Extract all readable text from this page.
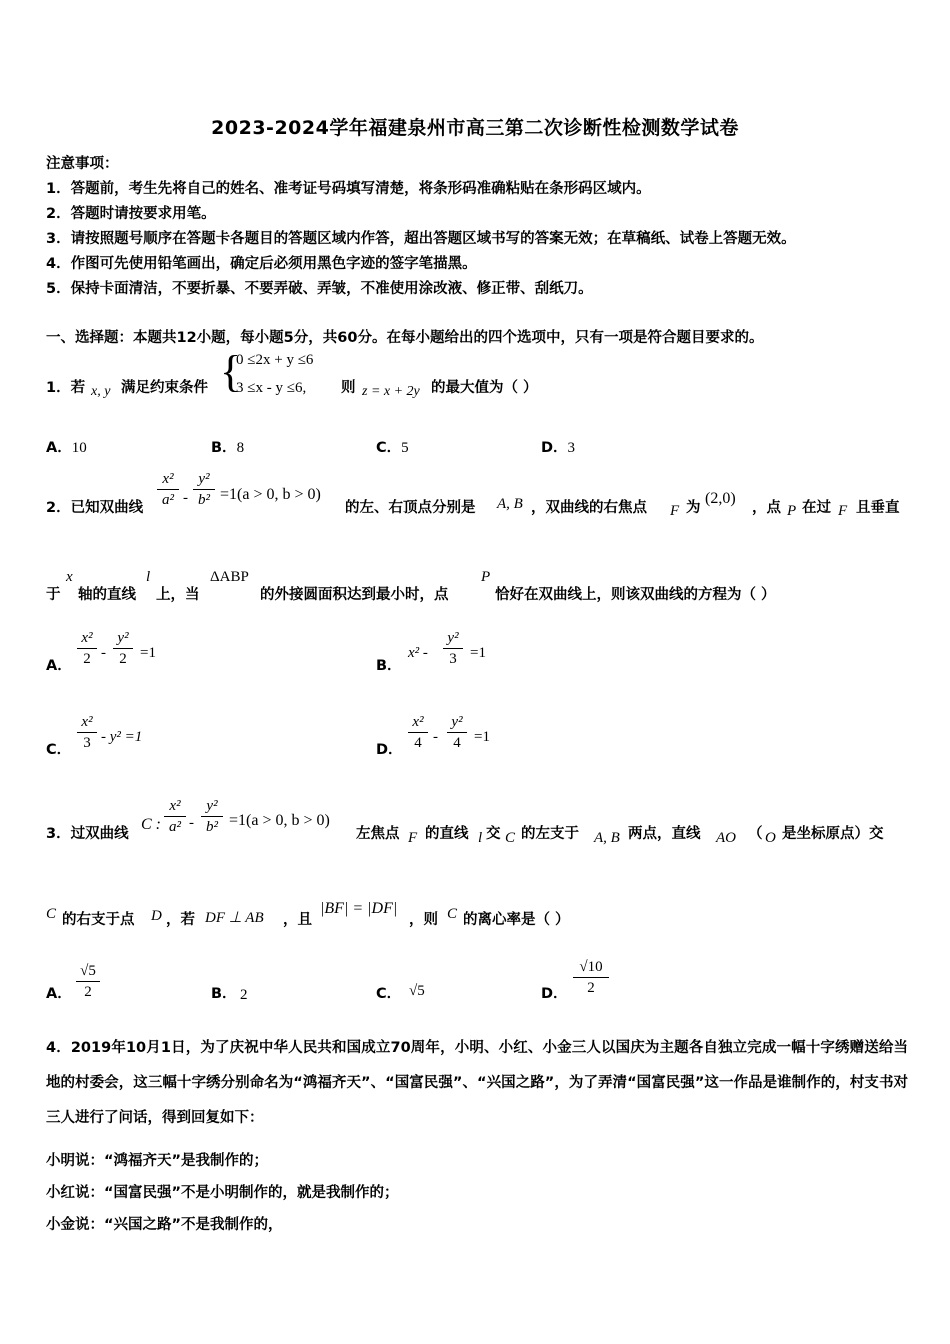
2023-2024学年福建泉州市高三第二次诊断性检测数学试卷
注意事项：
1．答题前，考生先将自己的姓名、准考证号码填写清楚，将条形码准确粘贴在条形码区域内。
2．答题时请按要求用笔。
3．请按照题号顺序在答题卡各题目的答题区域内作答，超出答题区域书写的答案无效；在草稿纸、试卷上答题无效。
4．作图可先使用铅笔画出，确定后必须用黑色字迹的签字笔描黑。
5．保持卡面清洁，不要折暴、不要弄破、弄皱，不准使用涂改液、修正带、刮纸刀。
一、选择题：本题共12小题，每小题5分，共60分。在每小题给出的四个选项中，只有一项是符合题目要求的。
1．若 x, y 满足约束条件 {
0 ≤2x + y ≤6
3 ≤x - y ≤6, 则 z = x + 2y 的最大值为（ ）
A．10	B．8	C．5	D．3
2．已知双曲线
x²
a² -
y²
b² =1(a > 0, b > 0)
的左、右顶点分别是 A, B ，双曲线的右焦点 F 为
(2,0)
，点 P 在过 F 且垂直
于
x
轴的直线
l
上，当
ΔABP
的外接圆面积达到最小时，点
P
恰好在双曲线上，则该双曲线的方程为（ ）
A．
x²
2 -
y²
2 =1
B．
x² -
y²
3 =1
C．
x²
3 - y² =1
D．
x²
4 -
y²
4 =1
3．过双曲线
C :
x²
a² -
y²
b² =1(a > 0, b > 0)
左焦点 F 的直线 l 交 C 的左支于 A, B 两点，直线 AO （ O 是坐标原点）交
C 的右支于点 D ，若 DF ⊥ AB ，且
|BF| = |DF|
，则 C 的离心率是（ ）
A．
√5
2	B． 2	C． √5	D．
√10
2
4．2019年10月1日，为了庆祝中华人民共和国成立70周年，小明、小红、小金三人以国庆为主题各自独立完成一幅十字绣赠送给当地的村委会，这三幅十字绣分别命名为“鸿福齐天”、“国富民强”、“兴国之路”，为了弄清“国富民强”这一作品是谁制作的，村支书对三人进行了问话，得到回复如下：
小明说：“鸿福齐天”是我制作的；
小红说：“国富民强”不是小明制作的，就是我制作的；
小金说：“兴国之路”不是我制作的，
